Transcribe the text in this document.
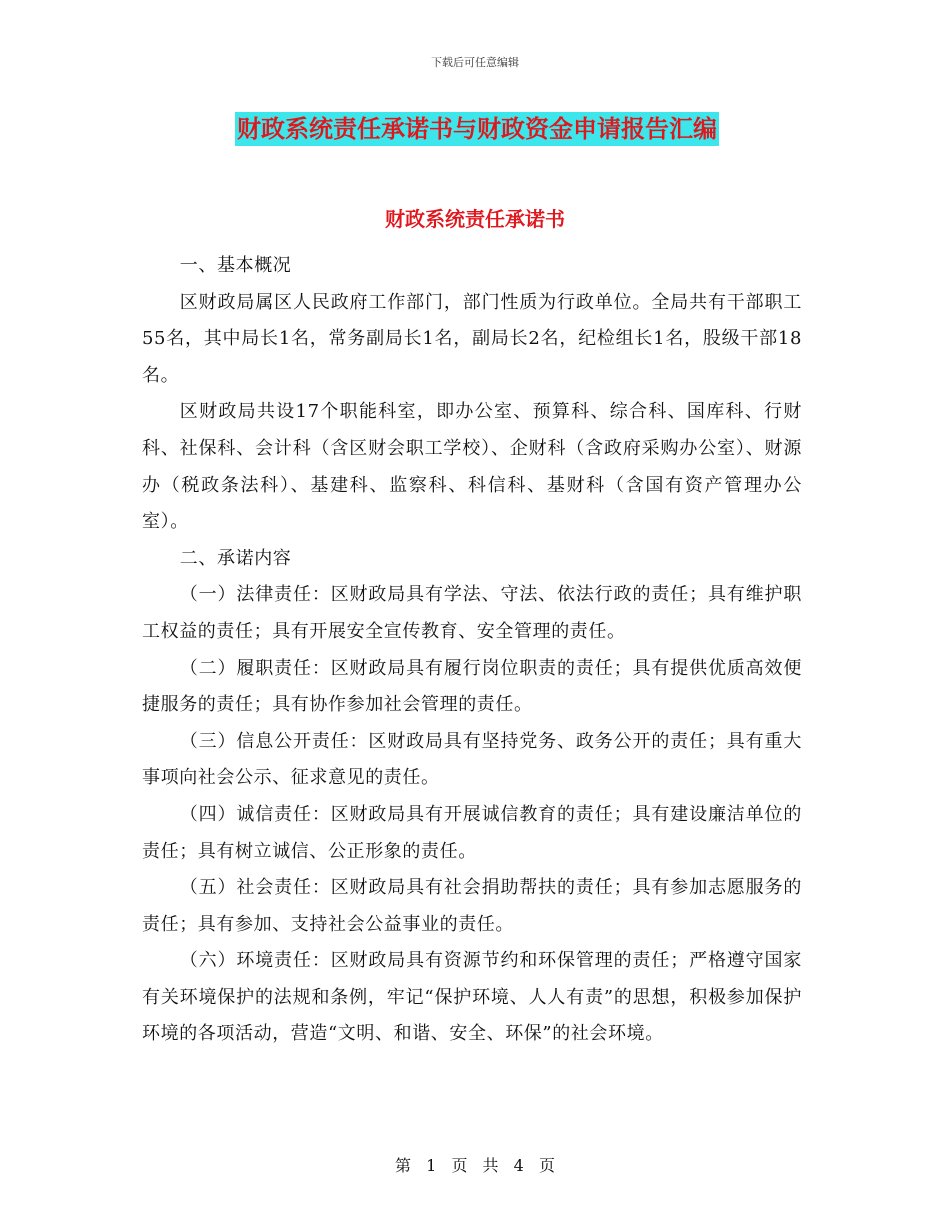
下载后可任意编辑
财政系统责任承诺书与财政资金申请报告汇编
财政系统责任承诺书

一、基本概况

区财政局属区人民政府工作部门，部门性质为行政单位。全局共有干部职工55名，其中局长1名，常务副局长1名，副局长2名，纪检组长1名，股级干部18名。

区财政局共设17个职能科室，即办公室、预算科、综合科、国库科、行财科、社保科、会计科（含区财会职工学校）、企财科（含政府采购办公室）、财源办（税政条法科）、基建科、监察科、科信科、基财科（含国有资产管理办公室）。

二、承诺内容

（一）法律责任：区财政局具有学法、守法、依法行政的责任；具有维护职工权益的责任；具有开展安全宣传教育、安全管理的责任。

（二）履职责任：区财政局具有履行岗位职责的责任；具有提供优质高效便捷服务的责任；具有协作参加社会管理的责任。

（三）信息公开责任：区财政局具有坚持党务、政务公开的责任；具有重大事项向社会公示、征求意见的责任。

（四）诚信责任：区财政局具有开展诚信教育的责任；具有建设廉洁单位的责任；具有树立诚信、公正形象的责任。

（五）社会责任：区财政局具有社会捐助帮扶的责任；具有参加志愿服务的责任；具有参加、支持社会公益事业的责任。

（六）环境责任：区财政局具有资源节约和环保管理的责任；严格遵守国家有关环境保护的法规和条例，牢记“保护环境、人人有责”的思想，积极参加保护环境的各项活动，营造“文明、和谐、安全、环保”的社会环境。

第 1 页 共 4 页
